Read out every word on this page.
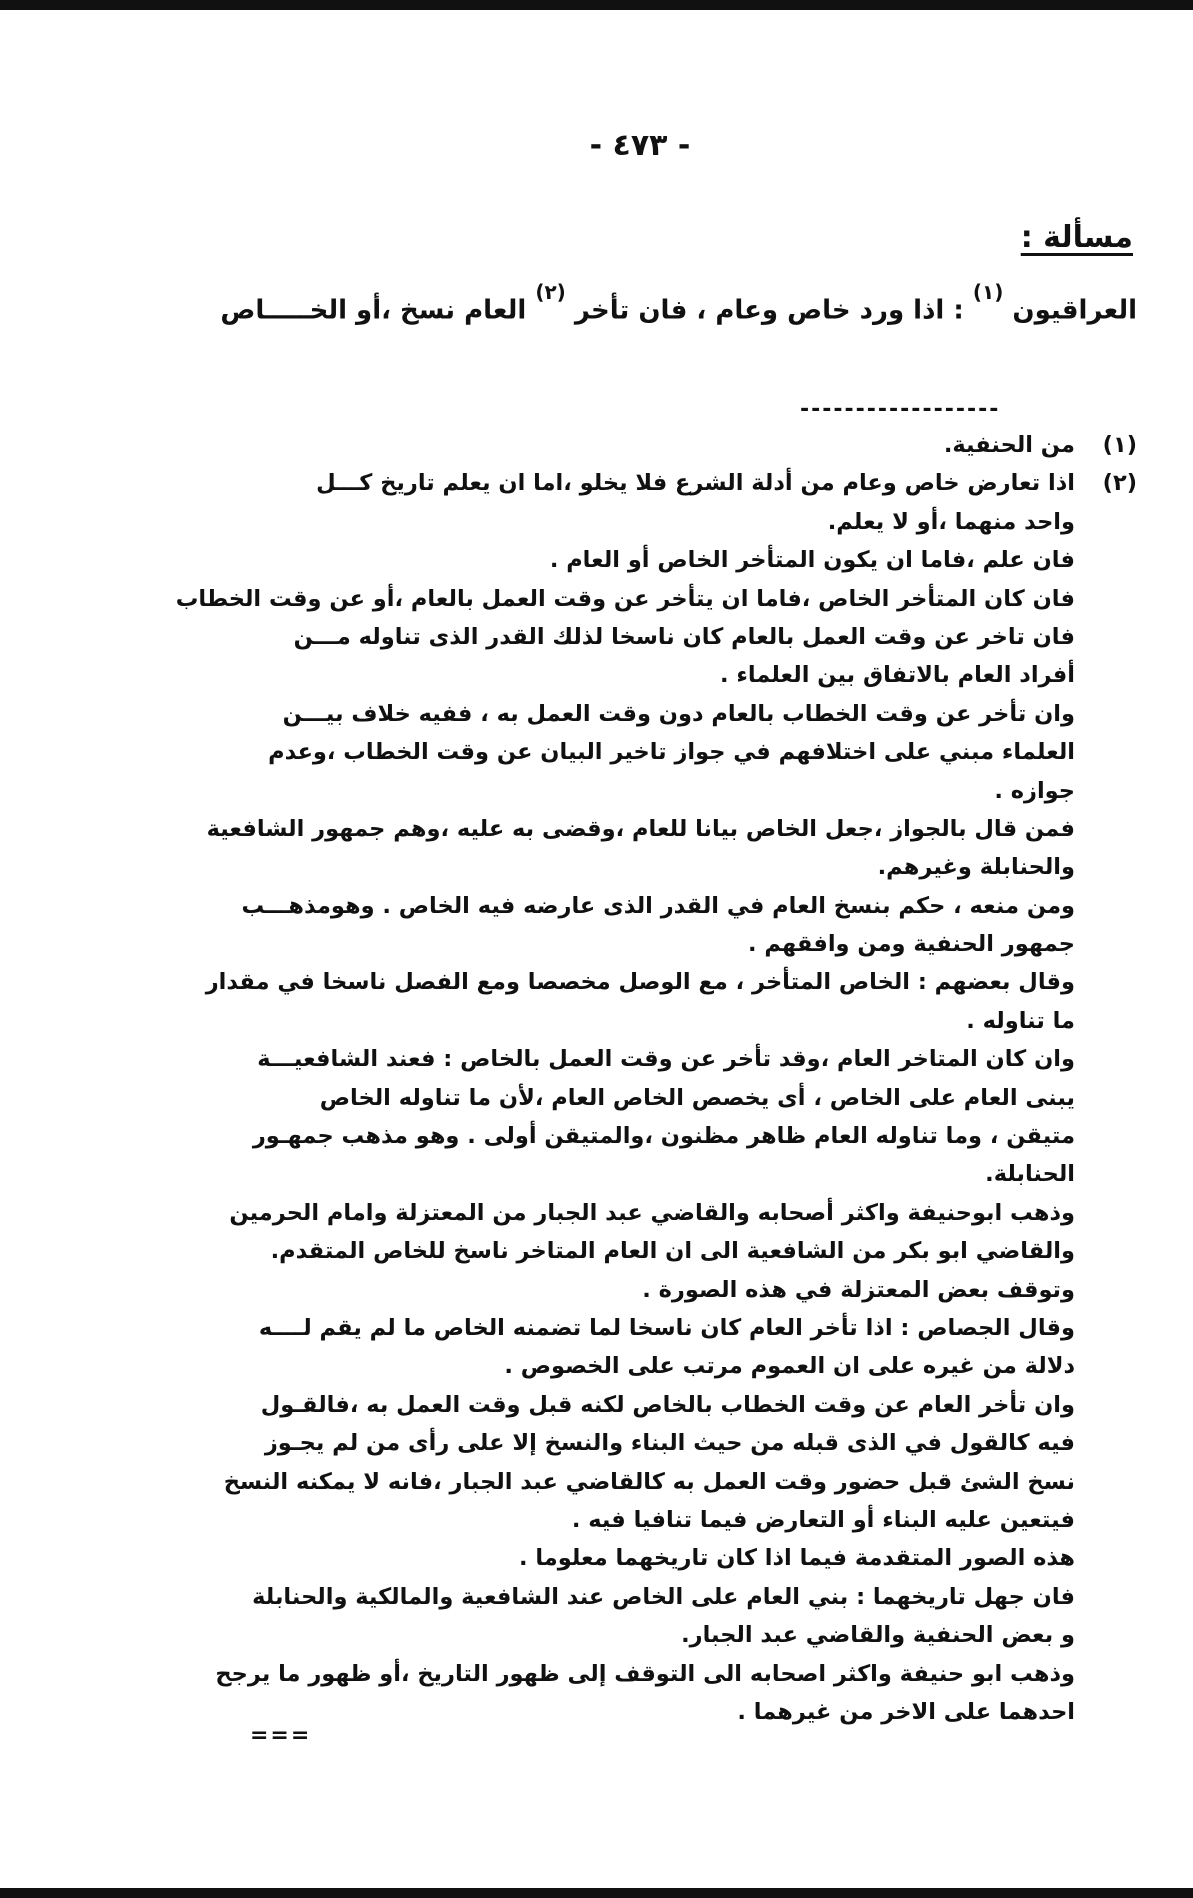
- ٤٧٣ -
مسألة :
العراقيون $^{(١)}$ : اذا ورد خاص وعام ، فان تأخر $^{(٢)}$ العام نسخ ،أو الخـــــاص
------------------
(١)
من الحنفية.
(٢)
اذا تعارض خاص وعام من أدلة الشرع فلا يخلو ،اما ان يعلم تاريخ كـــل
واحد منهما ،أو لا يعلم.
فان علم ،فاما ان يكون المتأخر الخاص أو العام .
فان كان المتأخر الخاص ،فاما ان يتأخر عن وقت العمل بالعام ،أو عن وقت الخطاب
فان تاخر عن وقت العمل بالعام كان ناسخا لذلك القدر الذى تناوله مـــن
أفراد العام بالاتفاق بين العلماء .
وان تأخر عن وقت الخطاب بالعام دون وقت العمل به ، ففيه خلاف بيـــن
العلماء مبني على اختلافهم في جواز تاخير البيان عن وقت الخطاب ،وعدم
جوازه .
فمن قال بالجواز ،جعل الخاص بيانا للعام ،وقضى به عليه ،وهم جمهور الشافعية
والحنابلة وغيرهم.
ومن منعه ، حكم بنسخ العام في القدر الذى عارضه فيه الخاص . وهومذهـــب
جمهور الحنفية ومن وافقهم .
وقال بعضهم : الخاص المتأخر ، مع الوصل مخصصا ومع الفصل ناسخا في مقدار
ما تناوله .
وان كان المتاخر العام ،وقد تأخر عن وقت العمل بالخاص : فعند الشافعيـــة
يبنى العام على الخاص ، أى يخصص الخاص العام ،لأن ما تناوله الخاص
متيقن ، وما تناوله العام ظاهر مظنون ،والمتيقن أولى . وهو مذهب جمهـور
الحنابلة.
وذهب ابوحنيفة واكثر أصحابه والقاضي عبد الجبار من المعتزلة وامام الحرمين
والقاضي ابو بكر من الشافعية الى ان العام المتاخر ناسخ للخاص المتقدم.
وتوقف بعض المعتزلة في هذه الصورة .
وقال الجصاص : اذا تأخر العام كان ناسخا لما تضمنه الخاص ما لم يقم لــــه
دلالة من غيره على ان العموم مرتب على الخصوص .
وان تأخر العام عن وقت الخطاب بالخاص لكنه قبل وقت العمل به ،فالقـول
فيه كالقول في الذى قبله من حيث البناء والنسخ إلا على رأى من لم يجـوز
نسخ الشئ قبل حضور وقت العمل به كالقاضي عبد الجبار ،فانه لا يمكنه النسخ
فيتعين عليه البناء أو التعارض فيما تنافيا فيه .
هذه الصور المتقدمة فيما اذا كان تاريخهما معلوما .
فان جهل تاريخهما : بني العام على الخاص عند الشافعية والمالكية والحنابلة
و بعض الحنفية والقاضي عبد الجبار.
وذهب ابو حنيفة واكثر اصحابه الى التوقف إلى ظهور التاريخ ،أو ظهور ما يرجح
احدهما على الاخر من غيرهما .
===
